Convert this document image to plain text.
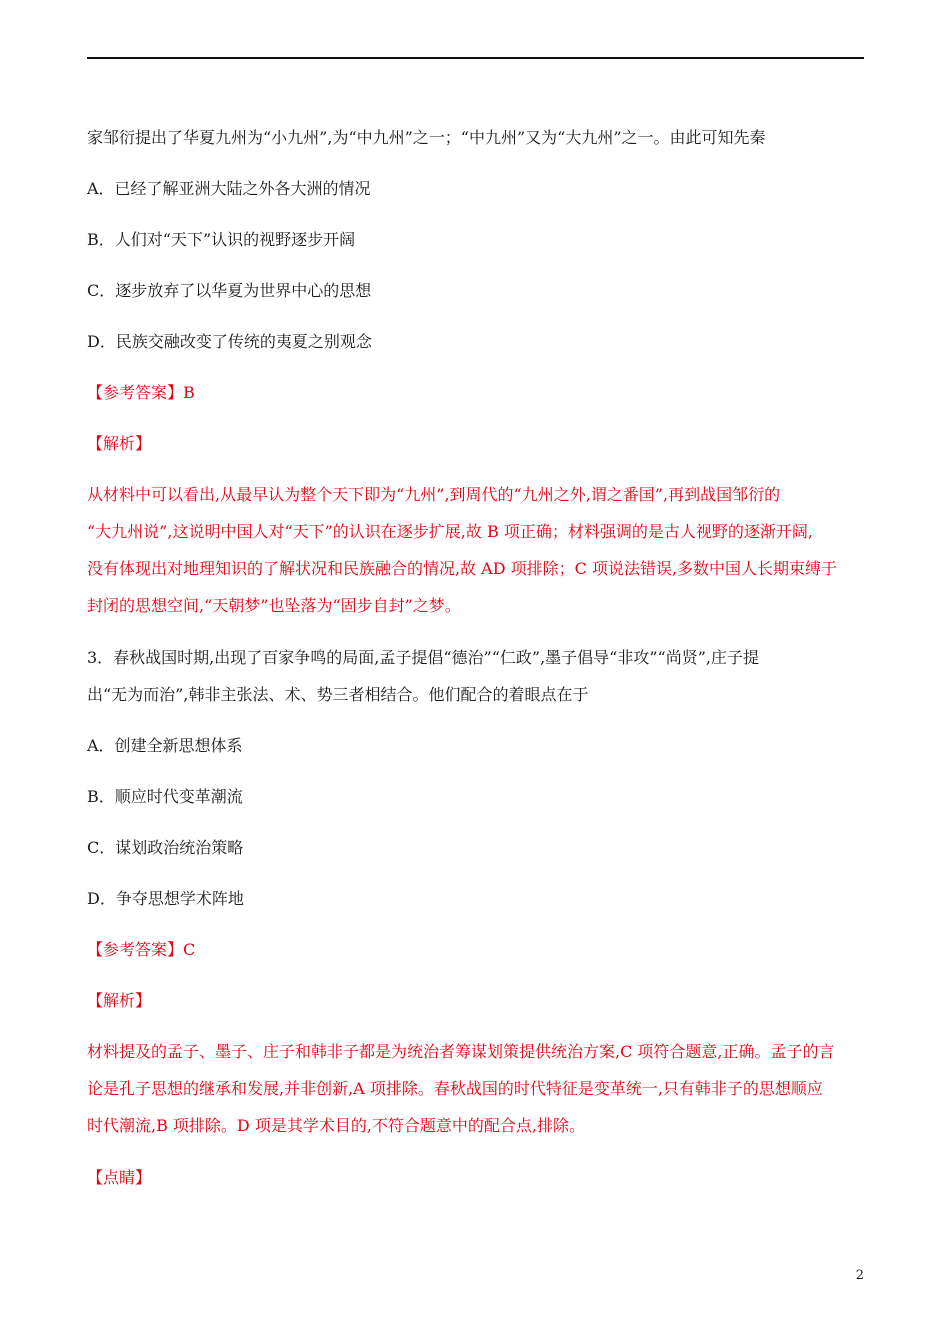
家邹衍提出了华夏九州为“小九州”,为“中九州”之一；“中九州”又为“大九州”之一。由此可知先秦
A．已经了解亚洲大陆之外各大洲的情况
B．人们对“天下”认识的视野逐步开阔
C．逐步放弃了以华夏为世界中心的思想
D．民族交融改变了传统的夷夏之别观念
【参考答案】B
【解析】
从材料中可以看出,从最早认为整个天下即为“九州”,到周代的“九州之外,谓之番国”,再到战国邹衍的
“大九州说”,这说明中国人对“天下”的认识在逐步扩展,故 B 项正确；材料强调的是古人视野的逐渐开阔,
没有体现出对地理知识的了解状况和民族融合的情况,故 AD 项排除；C 项说法错误,多数中国人长期束缚于
封闭的思想空间,“天朝梦”也坠落为“固步自封”之梦。
3．春秋战国时期,出现了百家争鸣的局面,孟子提倡“德治”“仁政”,墨子倡导“非攻”“尚贤”,庄子提
出“无为而治”,韩非主张法、术、势三者相结合。他们配合的着眼点在于
A．创建全新思想体系
B．顺应时代变革潮流
C．谋划政治统治策略
D．争夺思想学术阵地
【参考答案】C
【解析】
材料提及的孟子、墨子、庄子和韩非子都是为统治者筹谋划策提供统治方案,C 项符合题意,正确。孟子的言
论是孔子思想的继承和发展,并非创新,A 项排除。春秋战国的时代特征是变革统一,只有韩非子的思想顺应
时代潮流,B 项排除。D 项是其学术目的,不符合题意中的配合点,排除。
【点睛】
2
